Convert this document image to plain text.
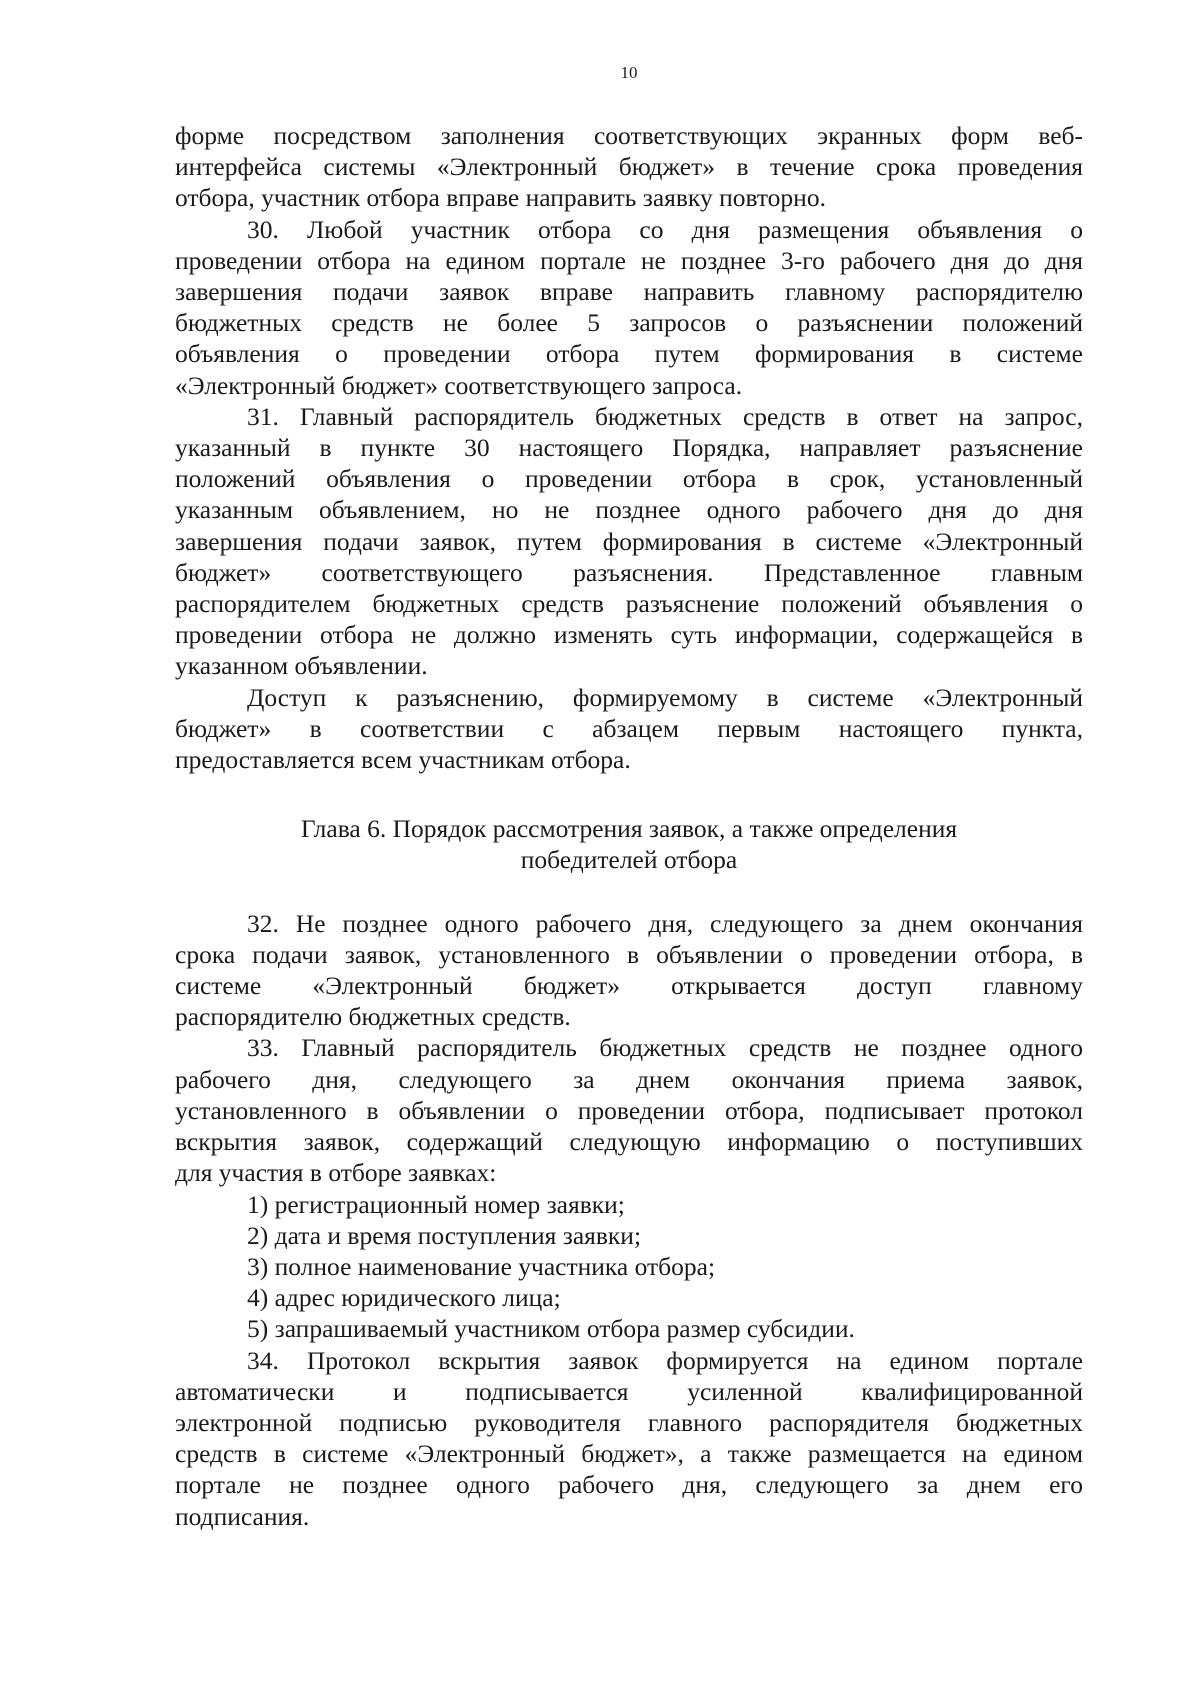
10
форме посредством заполнения соответствующих экранных форм веб-
интерфейса системы «Электронный бюджет» в течение срока проведения
отбора, участник отбора вправе направить заявку повторно.
30. Любой участник отбора со дня размещения объявления о
проведении отбора на едином портале не позднее 3-го рабочего дня до дня
завершения подачи заявок вправе направить главному распорядителю
бюджетных средств не более 5 запросов о разъяснении положений
объявления о проведении отбора путем формирования в системе
«Электронный бюджет» соответствующего запроса.
31. Главный распорядитель бюджетных средств в ответ на запрос,
указанный в пункте 30 настоящего Порядка, направляет разъяснение
положений объявления о проведении отбора в срок, установленный
указанным объявлением, но не позднее одного рабочего дня до дня
завершения подачи заявок, путем формирования в системе «Электронный
бюджет» соответствующего разъяснения. Представленное главным
распорядителем бюджетных средств разъяснение положений объявления о
проведении отбора не должно изменять суть информации, содержащейся в
указанном объявлении.
Доступ к разъяснению, формируемому в системе «Электронный
бюджет» в соответствии с абзацем первым настоящего пункта,
предоставляется всем участникам отбора.

Глава 6. Порядок рассмотрения заявок, а также определения

победителей отбора

32. Не позднее одного рабочего дня, следующего за днем окончания
срока подачи заявок, установленного в объявлении о проведении отбора, в
системе «Электронный бюджет» открывается доступ главному
распорядителю бюджетных средств.
33. Главный распорядитель бюджетных средств не позднее одного
рабочего дня, следующего за днем окончания приема заявок,
установленного в объявлении о проведении отбора, подписывает протокол
вскрытия заявок, содержащий следующую информацию о поступивших
для участия в отборе заявках:
1) регистрационный номер заявки;
2) дата и время поступления заявки;
3) полное наименование участника отбора;
4) адрес юридического лица;
5) запрашиваемый участником отбора размер субсидии.
34. Протокол вскрытия заявок формируется на едином портале
автоматически и подписывается усиленной квалифицированной
электронной подписью руководителя главного распорядителя бюджетных
средств в системе «Электронный бюджет», а также размещается на едином
портале не позднее одного рабочего дня, следующего за днем его
подписания.
